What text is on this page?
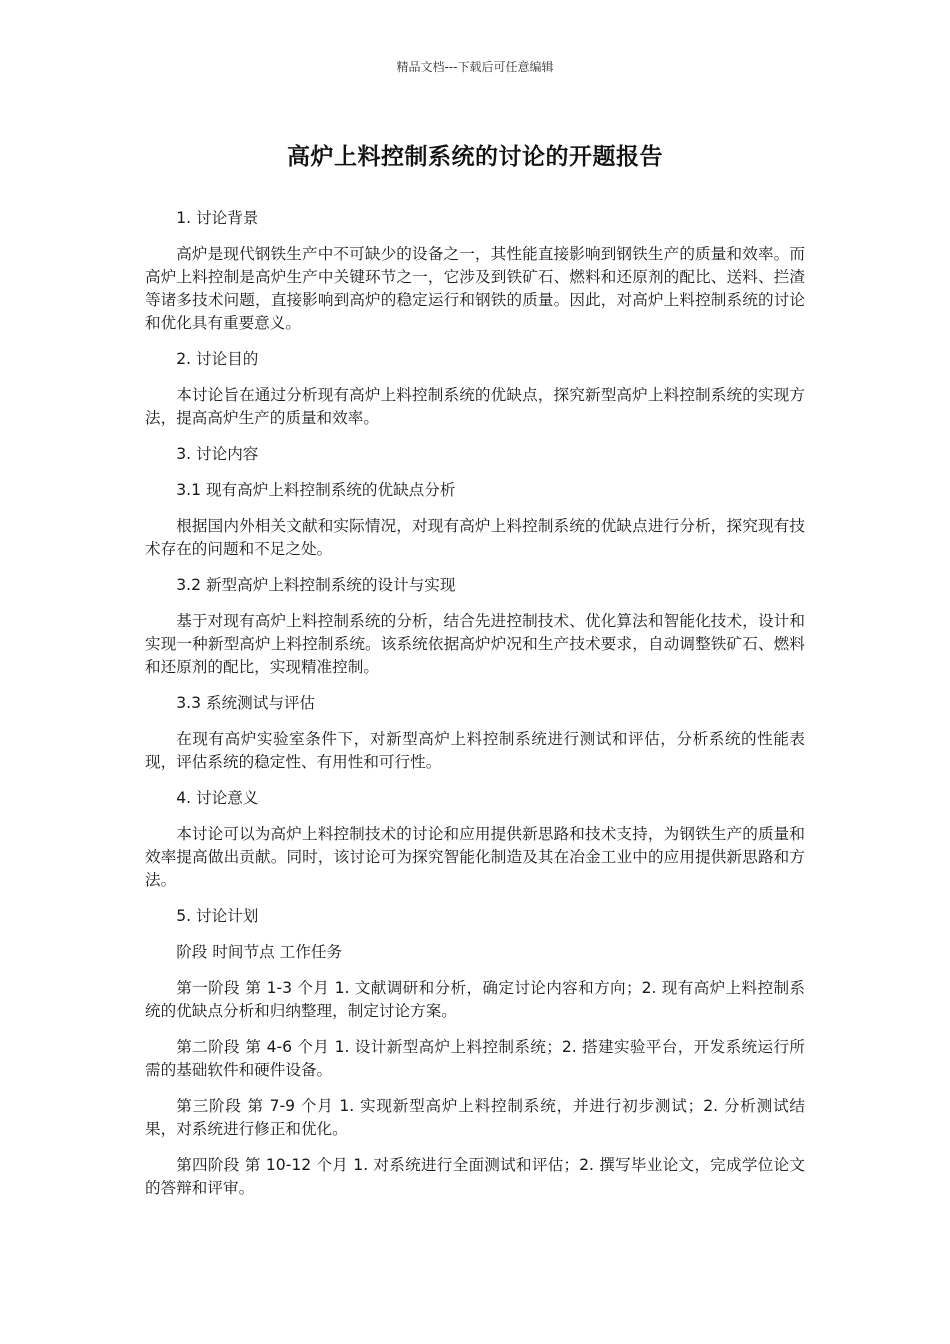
精品文档---下载后可任意编辑
高炉上料控制系统的讨论的开题报告

1. 讨论背景

高炉是现代钢铁生产中不可缺少的设备之一，其性能直接影响到钢铁生产的质量和效率。而高炉上料控制是高炉生产中关键环节之一，它涉及到铁矿石、燃料和还原剂的配比、送料、拦渣等诸多技术问题，直接影响到高炉的稳定运行和钢铁的质量。因此，对高炉上料控制系统的讨论和优化具有重要意义。

2. 讨论目的

本讨论旨在通过分析现有高炉上料控制系统的优缺点，探究新型高炉上料控制系统的实现方法，提高高炉生产的质量和效率。

3. 讨论内容

3.1 现有高炉上料控制系统的优缺点分析

根据国内外相关文献和实际情况，对现有高炉上料控制系统的优缺点进行分析，探究现有技术存在的问题和不足之处。

3.2 新型高炉上料控制系统的设计与实现

基于对现有高炉上料控制系统的分析，结合先进控制技术、优化算法和智能化技术，设计和实现一种新型高炉上料控制系统。该系统依据高炉炉况和生产技术要求，自动调整铁矿石、燃料和还原剂的配比，实现精准控制。

3.3 系统测试与评估

在现有高炉实验室条件下，对新型高炉上料控制系统进行测试和评估，分析系统的性能表现，评估系统的稳定性、有用性和可行性。

4. 讨论意义

本讨论可以为高炉上料控制技术的讨论和应用提供新思路和技术支持，为钢铁生产的质量和效率提高做出贡献。同时，该讨论可为探究智能化制造及其在冶金工业中的应用提供新思路和方法。

5. 讨论计划

阶段 时间节点 工作任务

第一阶段 第 1-3 个月 1. 文献调研和分析，确定讨论内容和方向；2. 现有高炉上料控制系统的优缺点分析和归纳整理，制定讨论方案。

第二阶段 第 4-6 个月 1. 设计新型高炉上料控制系统；2. 搭建实验平台，开发系统运行所需的基础软件和硬件设备。

第三阶段 第 7-9 个月 1. 实现新型高炉上料控制系统，并进行初步测试；2. 分析测试结果，对系统进行修正和优化。

第四阶段 第 10-12 个月 1. 对系统进行全面测试和评估；2. 撰写毕业论文，完成学位论文的答辩和评审。
